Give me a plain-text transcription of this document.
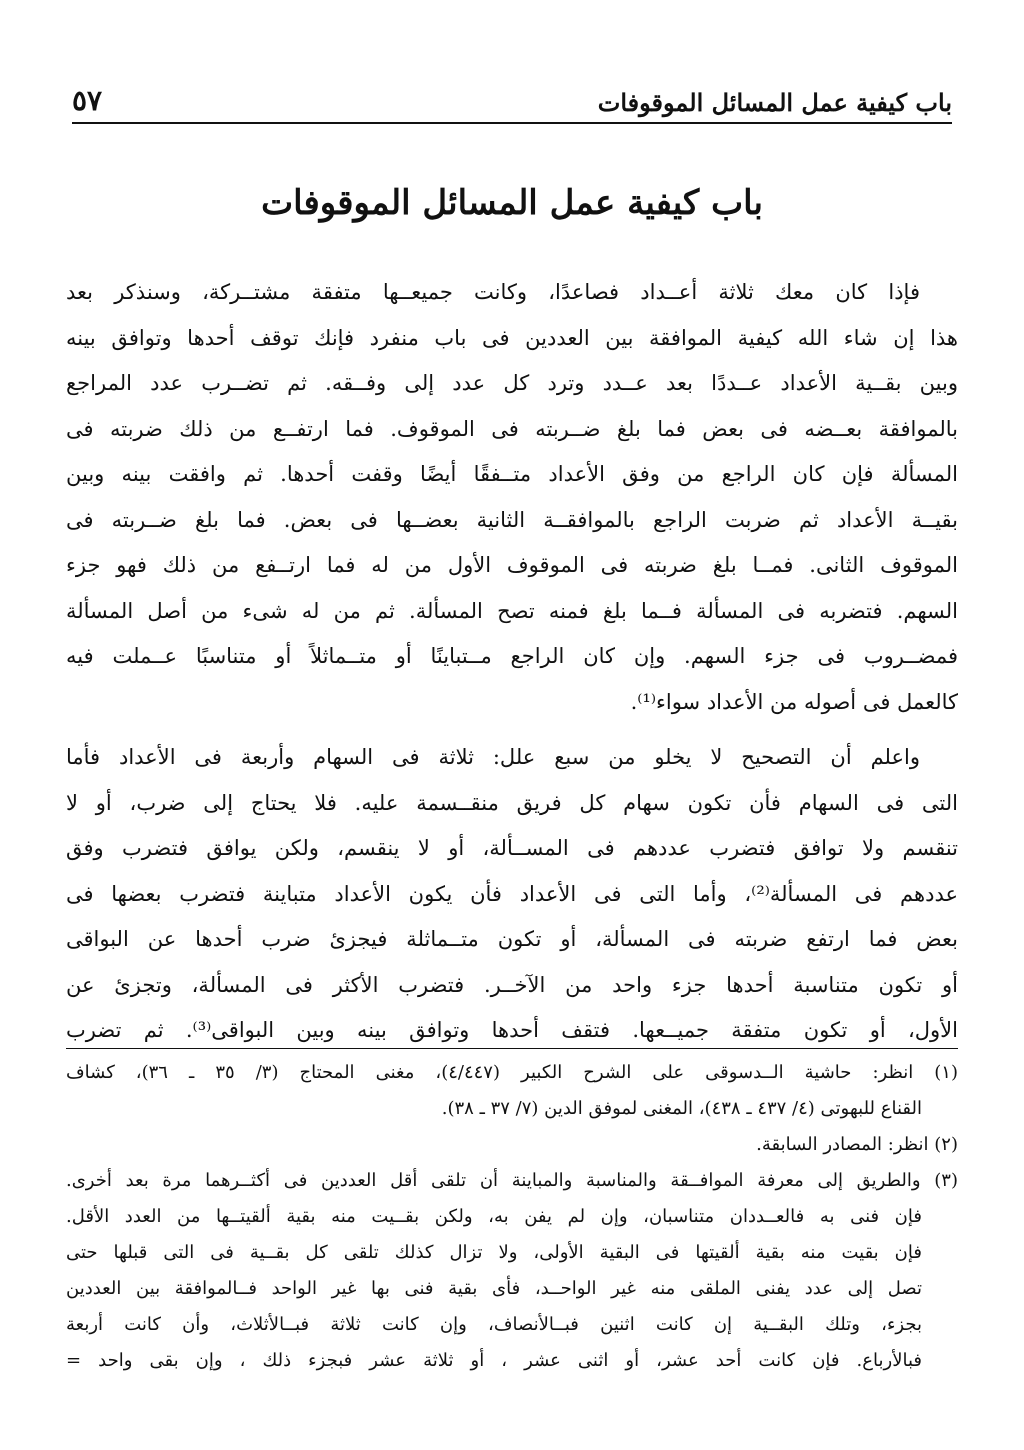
باب كيفية عمل المسائل الموقوفات
٥٧
باب كيفية عمل المسائل الموقوفات

فإذا كان معك ثلاثة أعــداد فصاعدًا، وكانت جميعــها متفقة مشتــركة، وسنذكر بعد
هذا إن شاء الله كيفية الموافقة بين العددين فى باب منفرد فإنك توقف أحدها وتوافق بينه
وبين بقــية الأعداد عــددًا بعد عــدد وترد كل عدد إلى وفــقه. ثم تضــرب عدد المراجع
بالموافقة بعــضه فى بعض فما بلغ ضــربته فى الموقوف. فما ارتفــع من ذلك ضربته فى
المسألة فإن كان الراجع من وفق الأعداد متــفقًا أيضًا وقفت أحدها. ثم وافقت بينه وبين
بقيــة الأعداد ثم ضربت الراجع بالموافقــة الثانية بعضــها فى بعض. فما بلغ ضــربته فى
الموقوف الثانى. فمــا بلغ ضربته فى الموقوف الأول من له فما ارتــفع من ذلك فهو جزء
السهم. فتضربه فى المسألة فــما بلغ فمنه تصح المسألة. ثم من له شىء من أصل المسألة
فمضــروب فى جزء السهم. وإن كان الراجع مــتباينًا أو متــماثلاً أو متناسبًا عــملت فيه
كالعمل فى أصوله من الأعداد سواء⁽¹⁾.

واعلم أن التصحيح لا يخلو من سبع علل: ثلاثة فى السهام وأربعة فى الأعداد فأما
التى فى السهام فأن تكون سهام كل فريق منقــسمة عليه. فلا يحتاج إلى ضرب، أو لا
تنقسم ولا توافق فتضرب عددهم فى المســألة، أو لا ينقسم، ولكن يوافق فتضرب وفق
عددهم فى المسألة⁽²⁾، وأما التى فى الأعداد فأن يكون الأعداد متباينة فتضرب بعضها فى
بعض فما ارتفع ضربته فى المسألة، أو تكون متــماثلة فيجزئ ضرب أحدها عن البواقى
أو تكون متناسبة أحدها جزء واحد من الآخــر. فتضرب الأكثر فى المسألة، وتجزئ عن
الأول، أو تكون متفقة جميــعها. فتقف أحدها وتوافق بينه وبين البواقى⁽³⁾. ثم تضرب

(١) انظر: حاشية الــدسوقى على الشرح الكبير (٤/٤٤٧)، مغنى المحتاج (٣/ ٣٥ ـ ٣٦)، كشاف
القناع للبهوتى (٤/ ٤٣٧ ـ ٤٣٨)، المغنى لموفق الدين (٧/ ٣٧ ـ ٣٨).
(٢) انظر: المصادر السابقة.
(٣) والطريق إلى معرفة الموافــقة والمناسبة والمباينة أن تلقى أقل العددين فى أكثــرهما مرة بعد أخرى.
فإن فنى به فالعــددان متناسبان، وإن لم يفن به، ولكن بقــيت منه بقية ألقيتــها من العدد الأقل.
فإن بقيت منه بقية ألقيتها فى البقية الأولى، ولا تزال كذلك تلقى كل بقــية فى التى قبلها حتى
تصل إلى عدد يفنى الملقى منه غير الواحــد، فأى بقية فنى بها غير الواحد فــالموافقة بين العددين
بجزء، وتلك البقــية إن كانت اثنين فبــالأنصاف، وإن كانت ثلاثة فبــالأثلاث، وأن كانت أربعة
فبالأرباع. فإن كانت أحد عشر، أو اثنى عشر ، أو ثلاثة عشر فبجزء ذلك ، وإن بقى واحد =
